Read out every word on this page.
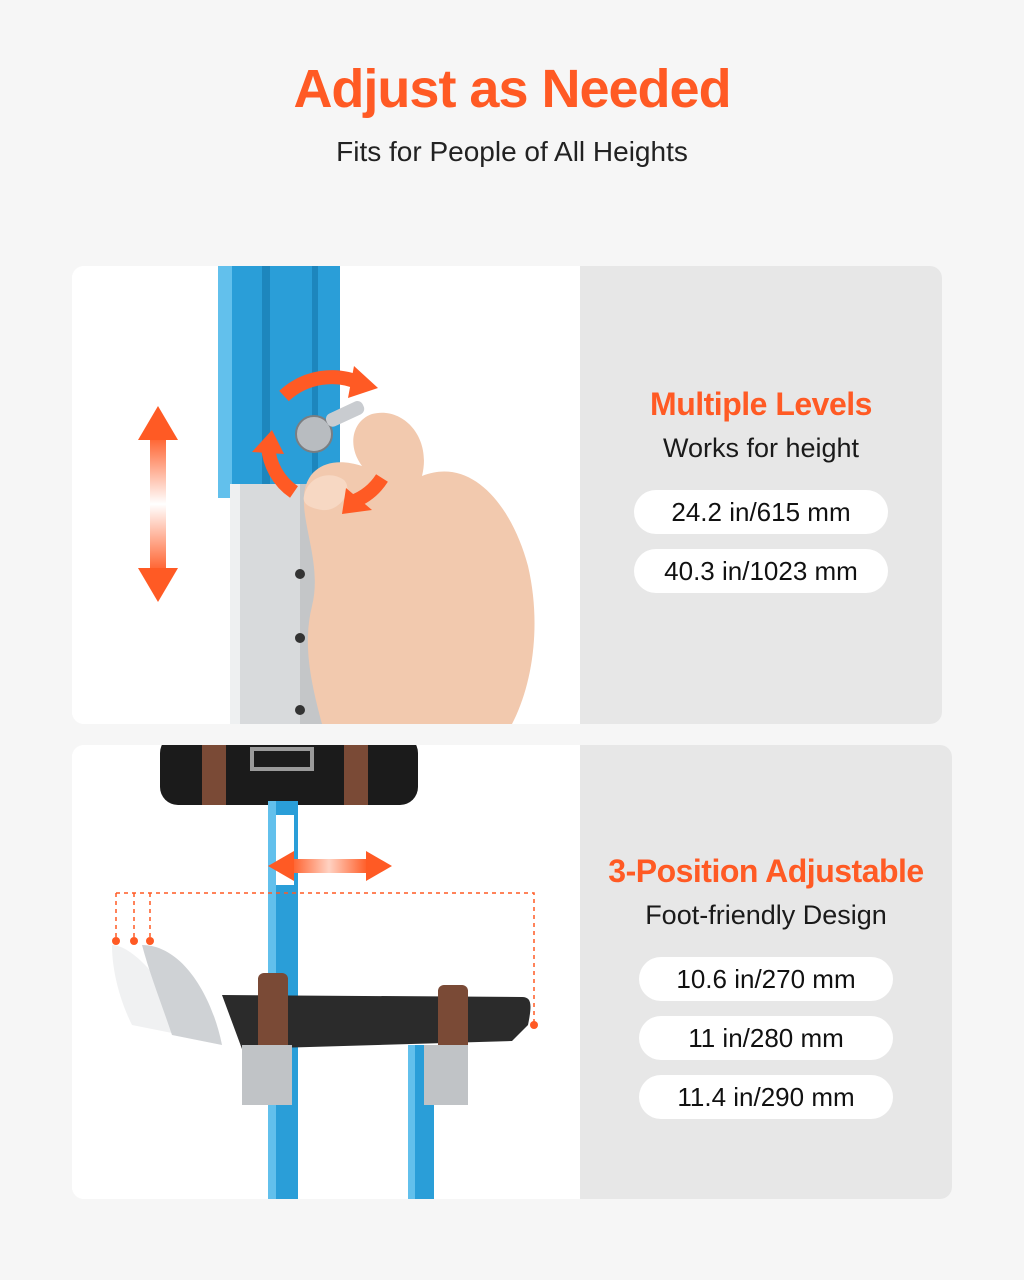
Adjust as Needed
Fits for People of All Heights
Multiple Levels
Works for height
24.2 in/615 mm
40.3 in/1023 mm
3-Position Adjustable
Foot-friendly Design
10.6 in/270 mm
11 in/280 mm
11.4 in/290 mm
